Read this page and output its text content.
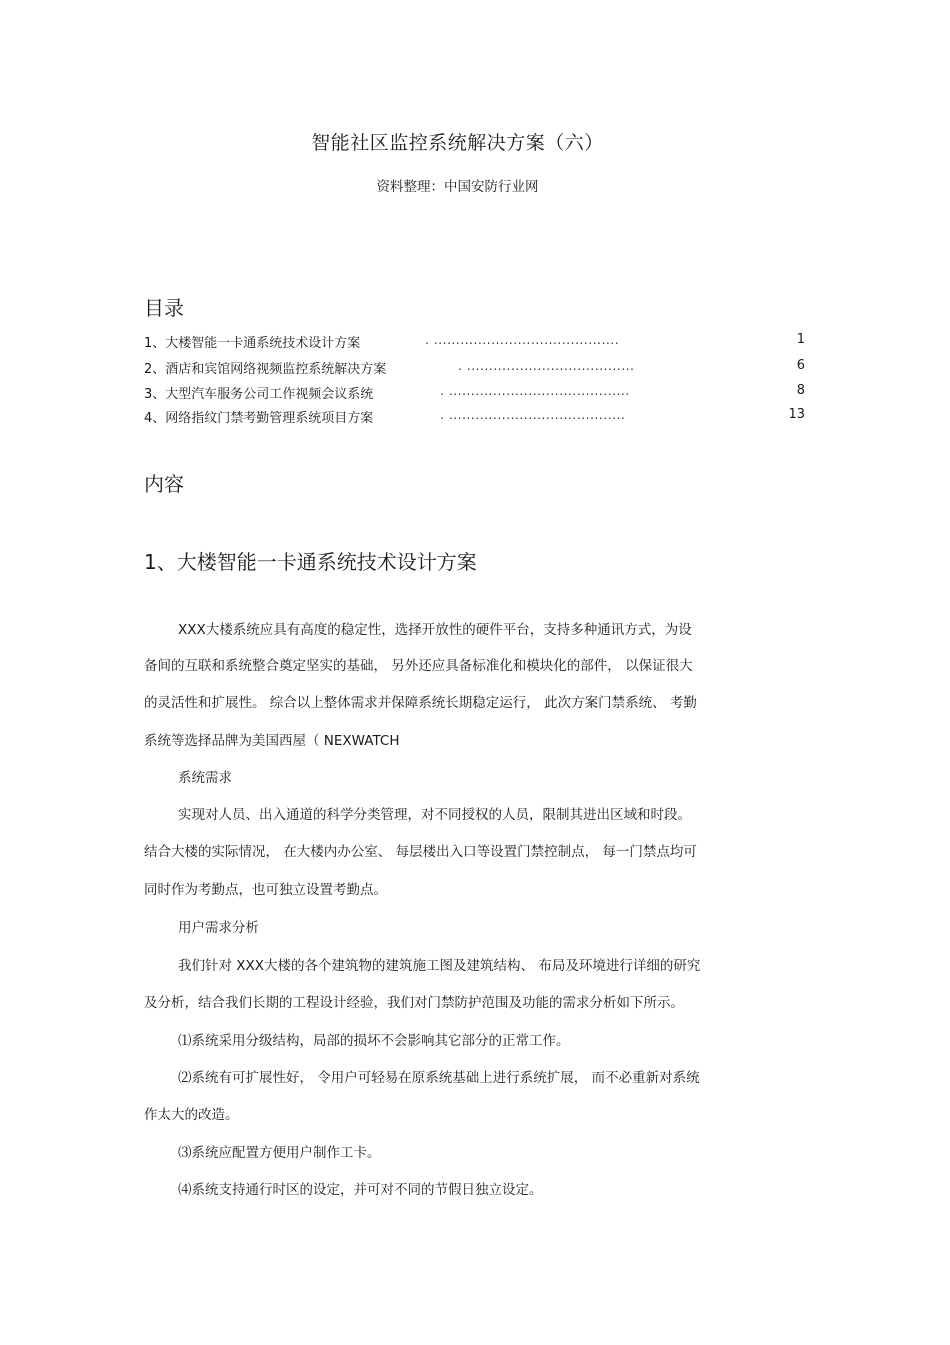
智能社区监控系统解决方案（六）
资料整理：中国安防行业网
目录
1、大楼智能一卡通系统技术设计方案	. ..........................................	1
2、酒店和宾馆网络视频监控系统解决方案	. ......................................	6
3、大型汽车服务公司工作视频会议系统	. .........................................	8
4、网络指纹门禁考勤管理系统项目方案	. ........................................	13
内容
1、大楼智能一卡通系统技术设计方案
XXX大楼系统应具有高度的稳定性，选择开放性的硬件平台，支持多种通讯方式，为设
备间的互联和系统整合奠定坚实的基础， 另外还应具备标准化和模块化的部件， 以保证很大
的灵活性和扩展性。 综合以上整体需求并保障系统长期稳定运行， 此次方案门禁系统、 考勤
系统等选择品牌为美国西屋（ NEXWATCH
系统需求
实现对人员、出入通道的科学分类管理，对不同授权的人员，限制其进出区域和时段。
结合大楼的实际情况， 在大楼内办公室、 每层楼出入口等设置门禁控制点， 每一门禁点均可
同时作为考勤点，也可独立设置考勤点。
用户需求分析
我们针对 XXX大楼的各个建筑物的建筑施工图及建筑结构、 布局及环境进行详细的研究
及分析，结合我们长期的工程设计经验，我们对门禁防护范围及功能的需求分析如下所示。
⑴系统采用分级结构，局部的损坏不会影响其它部分的正常工作。
⑵系统有可扩展性好， 令用户可轻易在原系统基础上进行系统扩展， 而不必重新对系统
作太大的改造。
⑶系统应配置方便用户制作工卡。
⑷系统支持通行时区的设定，并可对不同的节假日独立设定。
